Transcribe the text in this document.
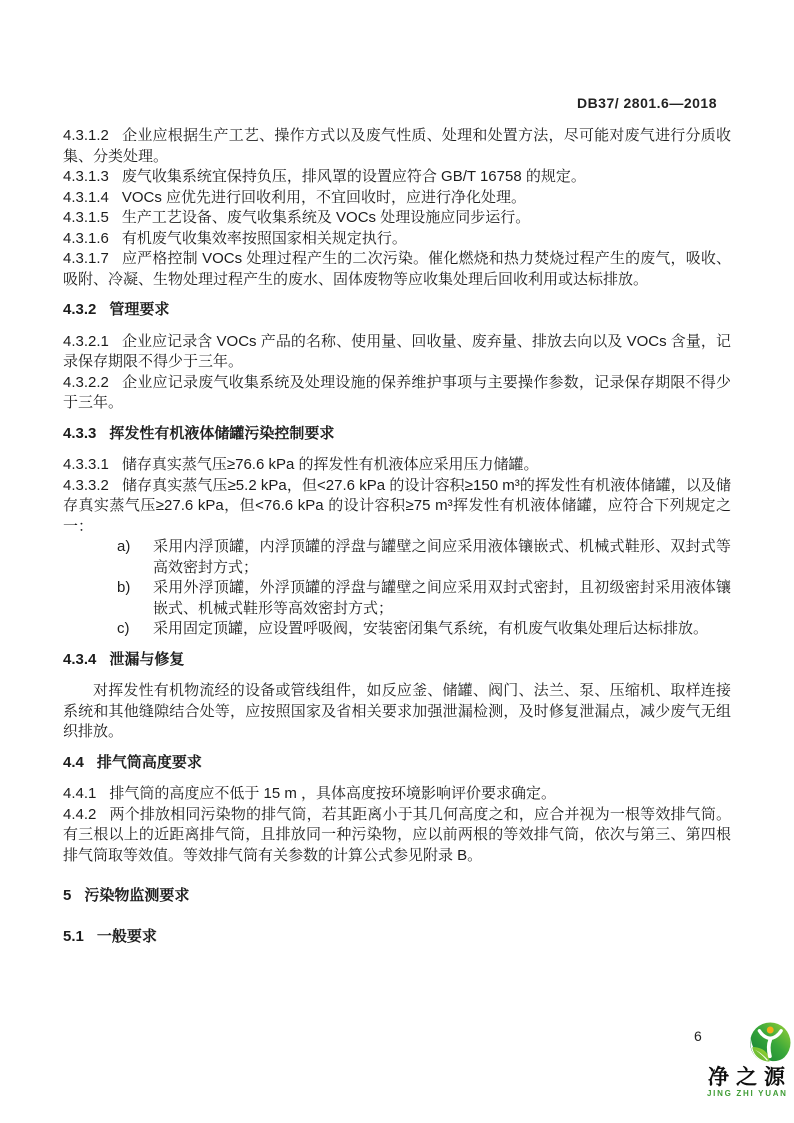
DB37/ 2801.6—2018
4.3.1.2 企业应根据生产工艺、操作方式以及废气性质、处理和处置方法，尽可能对废气进行分质收集、分类处理。
4.3.1.3 废气收集系统宜保持负压，排风罩的设置应符合 GB/T 16758 的规定。
4.3.1.4 VOCs 应优先进行回收利用，不宜回收时，应进行净化处理。
4.3.1.5 生产工艺设备、废气收集系统及 VOCs 处理设施应同步运行。
4.3.1.6 有机废气收集效率按照国家相关规定执行。
4.3.1.7 应严格控制 VOCs 处理过程产生的二次污染。催化燃烧和热力焚烧过程产生的废气，吸收、吸附、冷凝、生物处理过程产生的废水、固体废物等应收集处理后回收利用或达标排放。
4.3.2 管理要求
4.3.2.1 企业应记录含 VOCs 产品的名称、使用量、回收量、废弃量、排放去向以及 VOCs 含量，记录保存期限不得少于三年。
4.3.2.2 企业应记录废气收集系统及处理设施的保养维护事项与主要操作参数，记录保存期限不得少于三年。
4.3.3 挥发性有机液体储罐污染控制要求
4.3.3.1 储存真实蒸气压≥76.6 kPa 的挥发性有机液体应采用压力储罐。
4.3.3.2 储存真实蒸气压≥5.2 kPa，但<27.6 kPa 的设计容积≥150 m³的挥发性有机液体储罐，以及储存真实蒸气压≥27.6 kPa，但<76.6 kPa 的设计容积≥75 m³挥发性有机液体储罐，应符合下列规定之一：
a) 采用内浮顶罐，内浮顶罐的浮盘与罐壁之间应采用液体镶嵌式、机械式鞋形、双封式等高效密封方式；
b) 采用外浮顶罐，外浮顶罐的浮盘与罐壁之间应采用双封式密封，且初级密封采用液体镶嵌式、机械式鞋形等高效密封方式；
c) 采用固定顶罐，应设置呼吸阀，安装密闭集气系统，有机废气收集处理后达标排放。
4.3.4 泄漏与修复
对挥发性有机物流经的设备或管线组件，如反应釜、储罐、阀门、法兰、泵、压缩机、取样连接系统和其他缝隙结合处等，应按照国家及省相关要求加强泄漏检测，及时修复泄漏点，减少废气无组织排放。
4.4 排气筒高度要求
4.4.1 排气筒的高度应不低于 15 m ，具体高度按环境影响评价要求确定。
4.4.2 两个排放相同污染物的排气筒，若其距离小于其几何高度之和，应合并视为一根等效排气筒。有三根以上的近距离排气筒，且排放同一种污染物，应以前两根的等效排气筒，依次与第三、第四根排气筒取等效值。等效排气筒有关参数的计算公式参见附录 B。
5 污染物监测要求
5.1 一般要求
6
净之源
JING ZHI YUAN
